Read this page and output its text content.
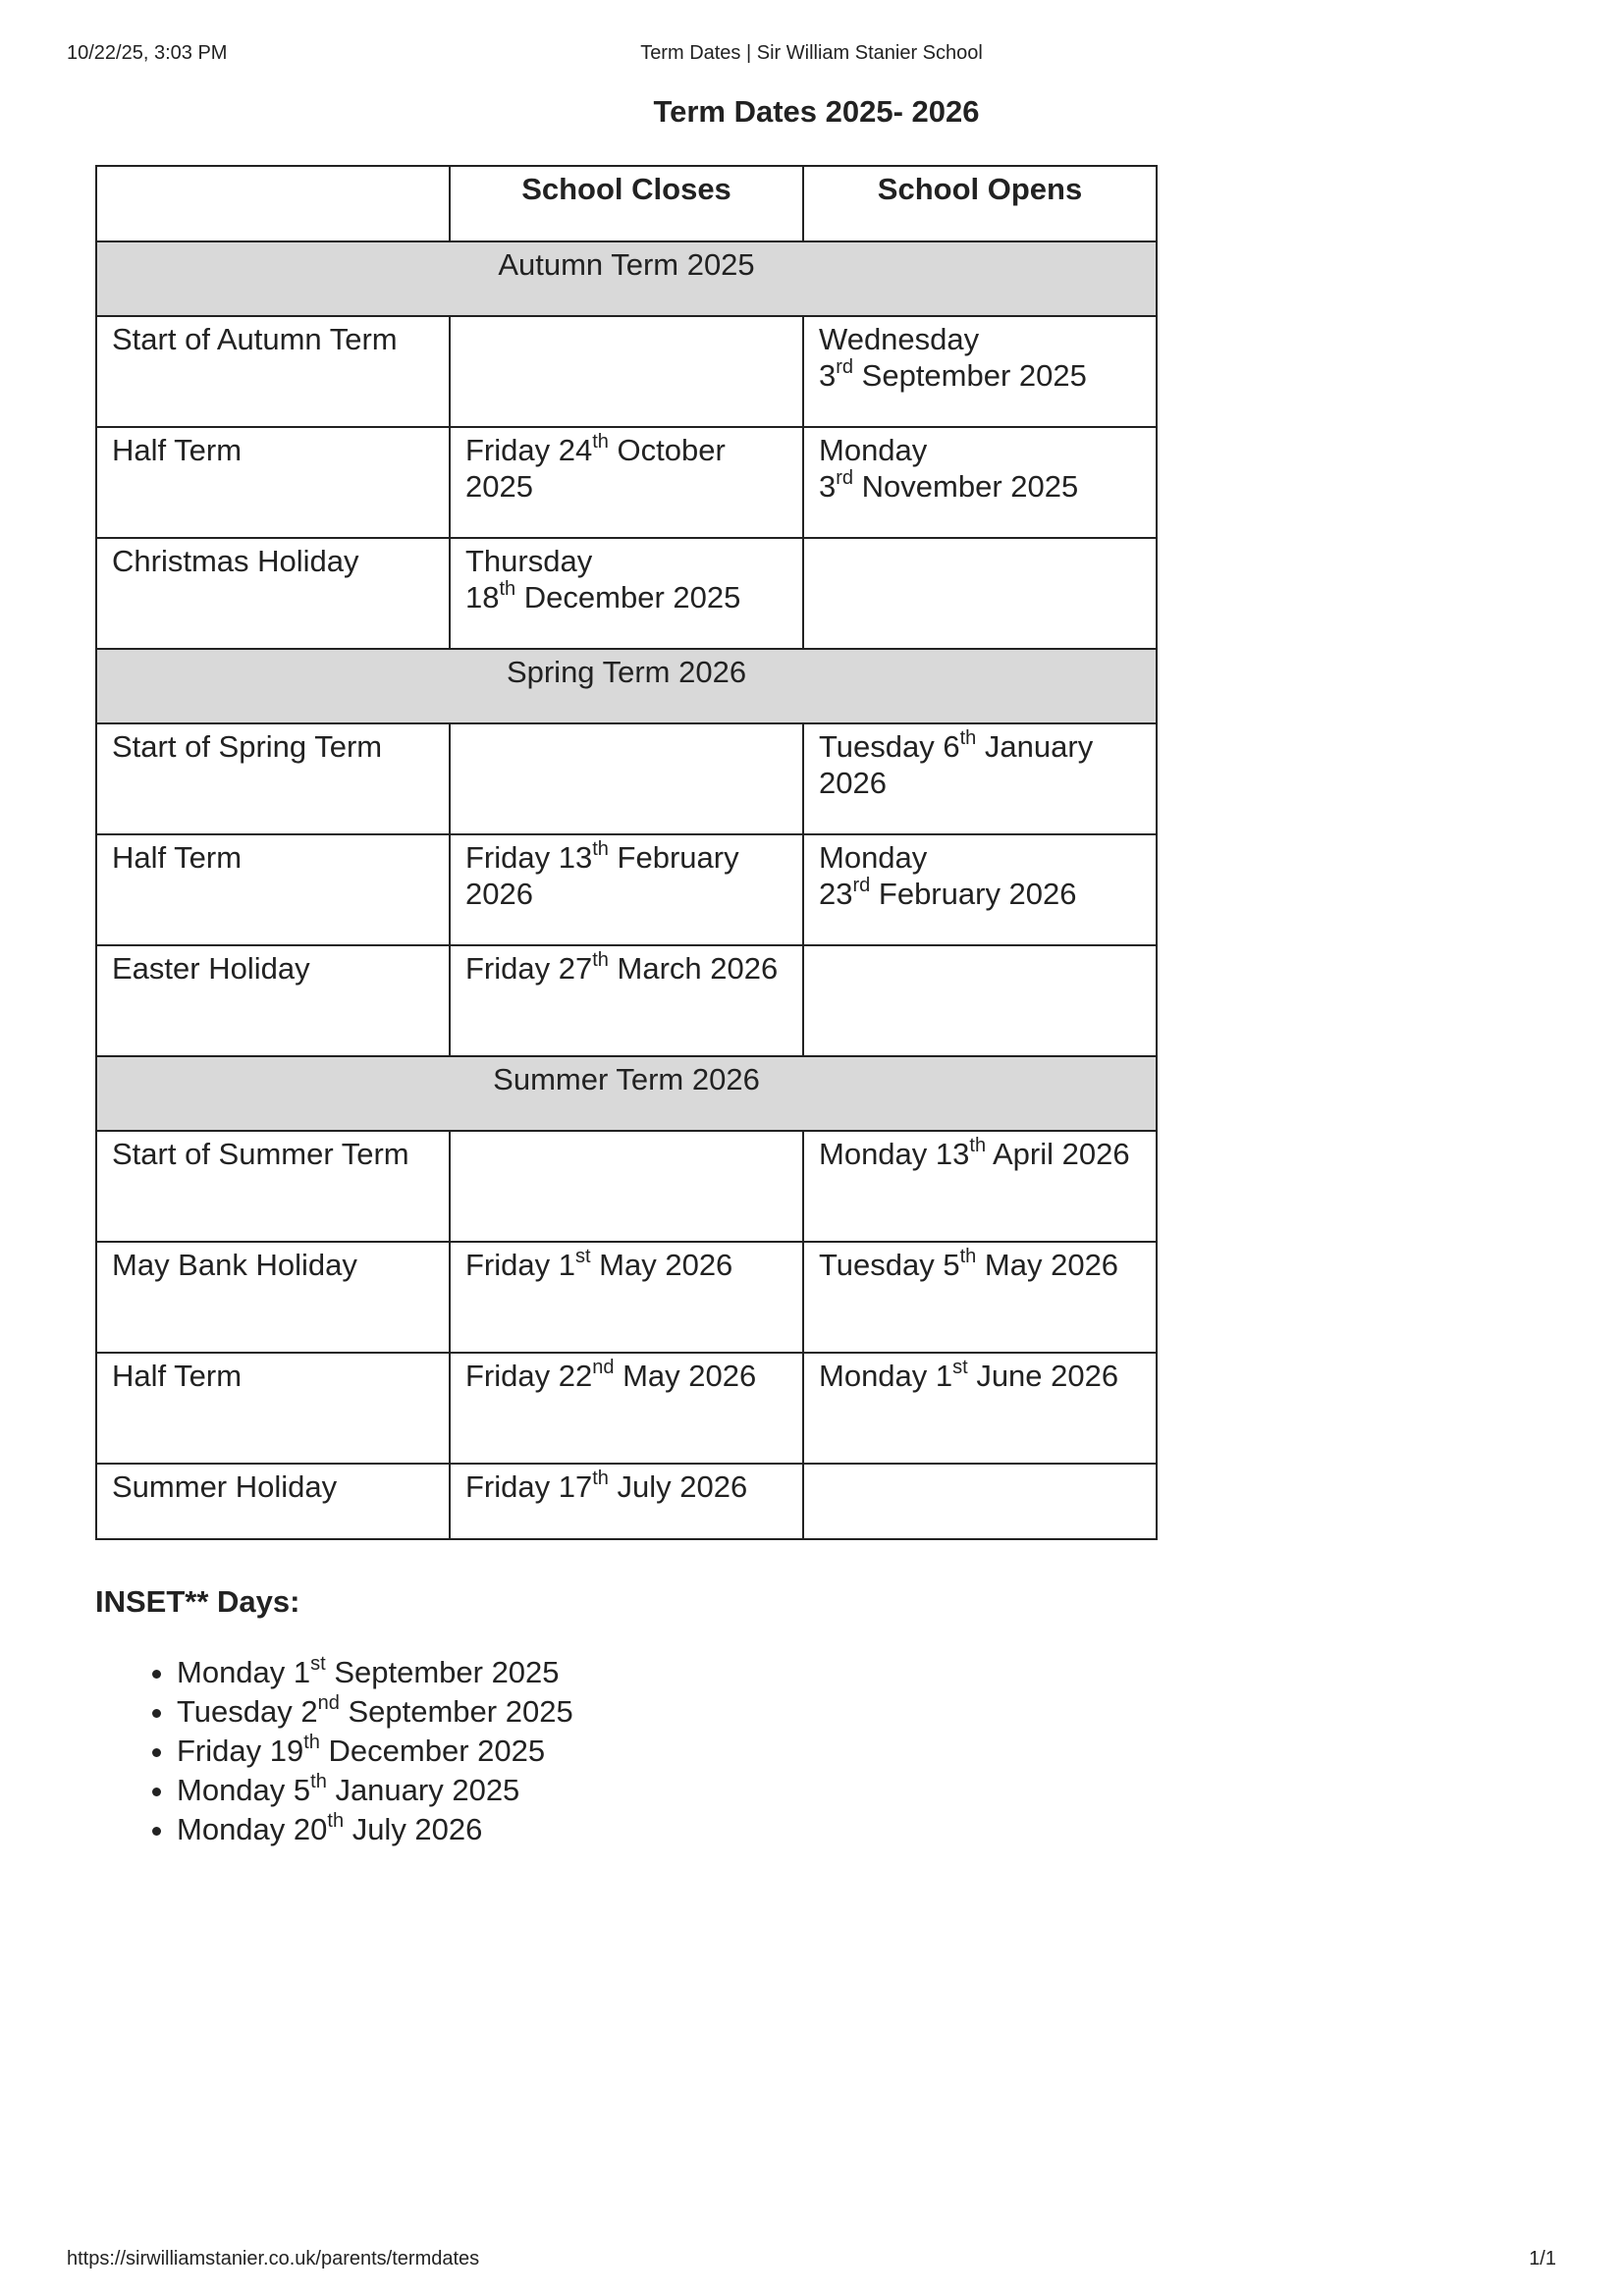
10/22/25, 3:03 PM	Term Dates | Sir William Stanier School
Term Dates 2025- 2026
	School Closes	School Opens
Autumn Term 2025		
Start of Autumn Term		Wednesday
3rd September 2025
Half Term	Friday 24th October 2025	Monday
3rd November 2025
Christmas Holiday	Thursday
18th December 2025	
Spring Term 2026		
Start of Spring Term		Tuesday 6th January 2026
Half Term	Friday 13th February 2026	Monday
23rd February 2026
Easter Holiday	Friday 27th March 2026	
Summer Term 2026		
Start of Summer Term		Monday 13th April 2026
May Bank Holiday	Friday 1st May 2026	Tuesday 5th May 2026
Half Term	Friday 22nd May 2026	Monday 1st June 2026
Summer Holiday	Friday 17th July 2026	
INSET** Days:
• Monday 1st September 2025
• Tuesday 2nd September 2025
• Friday 19th December 2025
• Monday 5th January 2025
• Monday 20th July 2026
https://sirwilliamstanier.co.uk/parents/termdates	1/1
